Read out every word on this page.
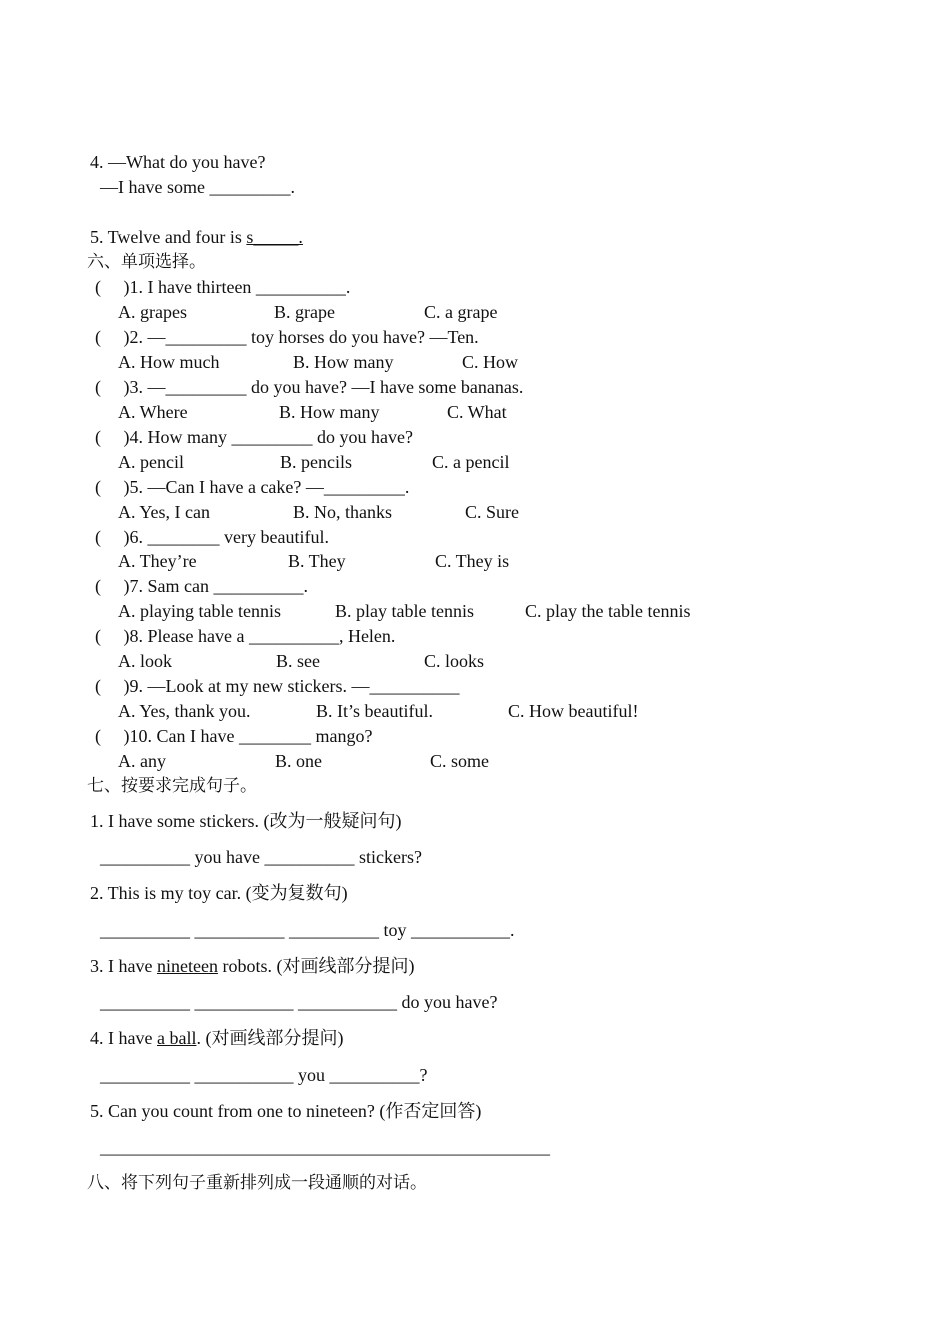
4. —What do you have?
—I have some _________.
5. Twelve and four is s_____.
六、单项选择。
(     )1. I have thirteen __________.
A. grapes	B. grape	C. a grape
(     )2. —_________ toy horses do you have? —Ten.
A. How much	B. How many	C. How
(     )3. —_________ do you have? —I have some bananas.
A. Where	B. How many	C. What
(     )4. How many _________ do you have?
A. pencil	B. pencils	C. a pencil
(     )5. —Can I have a cake? —_________.
A. Yes, I can	B. No, thanks	C. Sure
(     )6. ________ very beautiful.
A. They’re	B. They	C. They is
(     )7. Sam can __________.
A. playing table tennis	B. play table tennis	C. play the table tennis
(     )8. Please have a __________, Helen.
A. look	B. see	C. looks
(     )9. —Look at my new stickers. —__________
A. Yes, thank you.	B. It’s beautiful.	C. How beautiful!
(     )10. Can I have ________ mango?
A. any	B. one	C. some
七、按要求完成句子。
1. I have some stickers. (改为一般疑问句)
__________ you have __________ stickers?
2. This is my toy car. (变为复数句)
__________ __________ __________ toy ___________.
3. I have nineteen robots. (对画线部分提问)
__________ ___________ ___________ do you have?
4. I have a ball. (对画线部分提问)
__________ ___________ you __________?
5. Can you count from one to nineteen? (作否定回答)
__________________________________________________
八、将下列句子重新排列成一段通顺的对话。
